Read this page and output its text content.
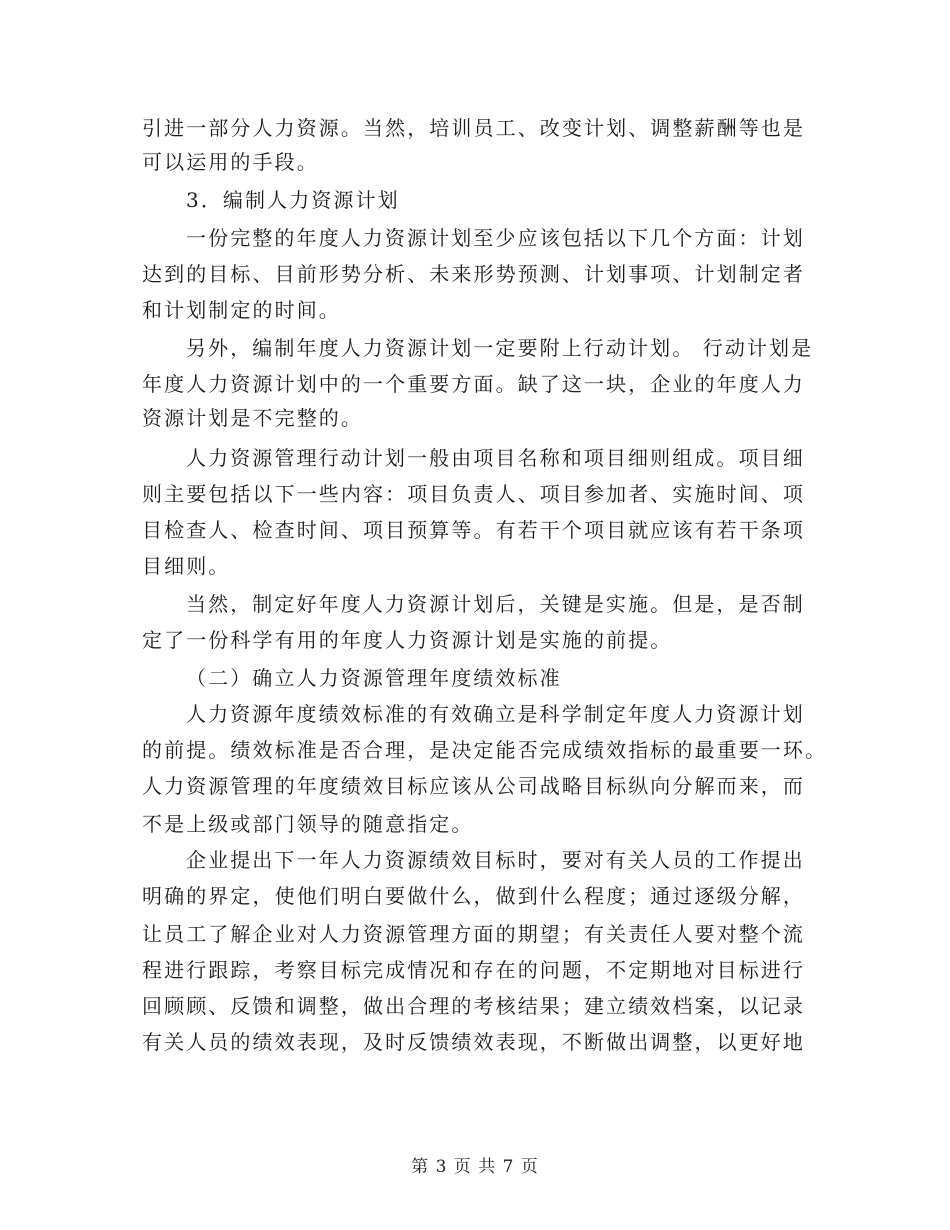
引进一部分人力资源。当然，培训员工、改变计划、调整薪酬等也是
可以运用的手段。
3．编制人力资源计划
一份完整的年度人力资源计划至少应该包括以下几个方面：计划
达到的目标、目前形势分析、未来形势预测、计划事项、计划制定者
和计划制定的时间。
另外，编制年度人力资源计划一定要附上行动计划。 行动计划是
年度人力资源计划中的一个重要方面。缺了这一块，企业的年度人力
资源计划是不完整的。
人力资源管理行动计划一般由项目名称和项目细则组成。项目细
则主要包括以下一些内容：项目负责人、项目参加者、实施时间、项
目检查人、检查时间、项目预算等。有若干个项目就应该有若干条项
目细则。
当然，制定好年度人力资源计划后，关键是实施。但是，是否制
定了一份科学有用的年度人力资源计划是实施的前提。
（二）确立人力资源管理年度绩效标准
人力资源年度绩效标准的有效确立是科学制定年度人力资源计划
的前提。绩效标准是否合理，是决定能否完成绩效指标的最重要一环。
人力资源管理的年度绩效目标应该从公司战略目标纵向分解而来，而
不是上级或部门领导的随意指定。
企业提出下一年人力资源绩效目标时，要对有关人员的工作提出
明确的界定，使他们明白要做什么，做到什么程度；通过逐级分解，
让员工了解企业对人力资源管理方面的期望；有关责任人要对整个流
程进行跟踪，考察目标完成情况和存在的问题，不定期地对目标进行
回顾顾、反馈和调整，做出合理的考核结果；建立绩效档案，以记录
有关人员的绩效表现，及时反馈绩效表现，不断做出调整，以更好地
第 3 页 共 7 页
